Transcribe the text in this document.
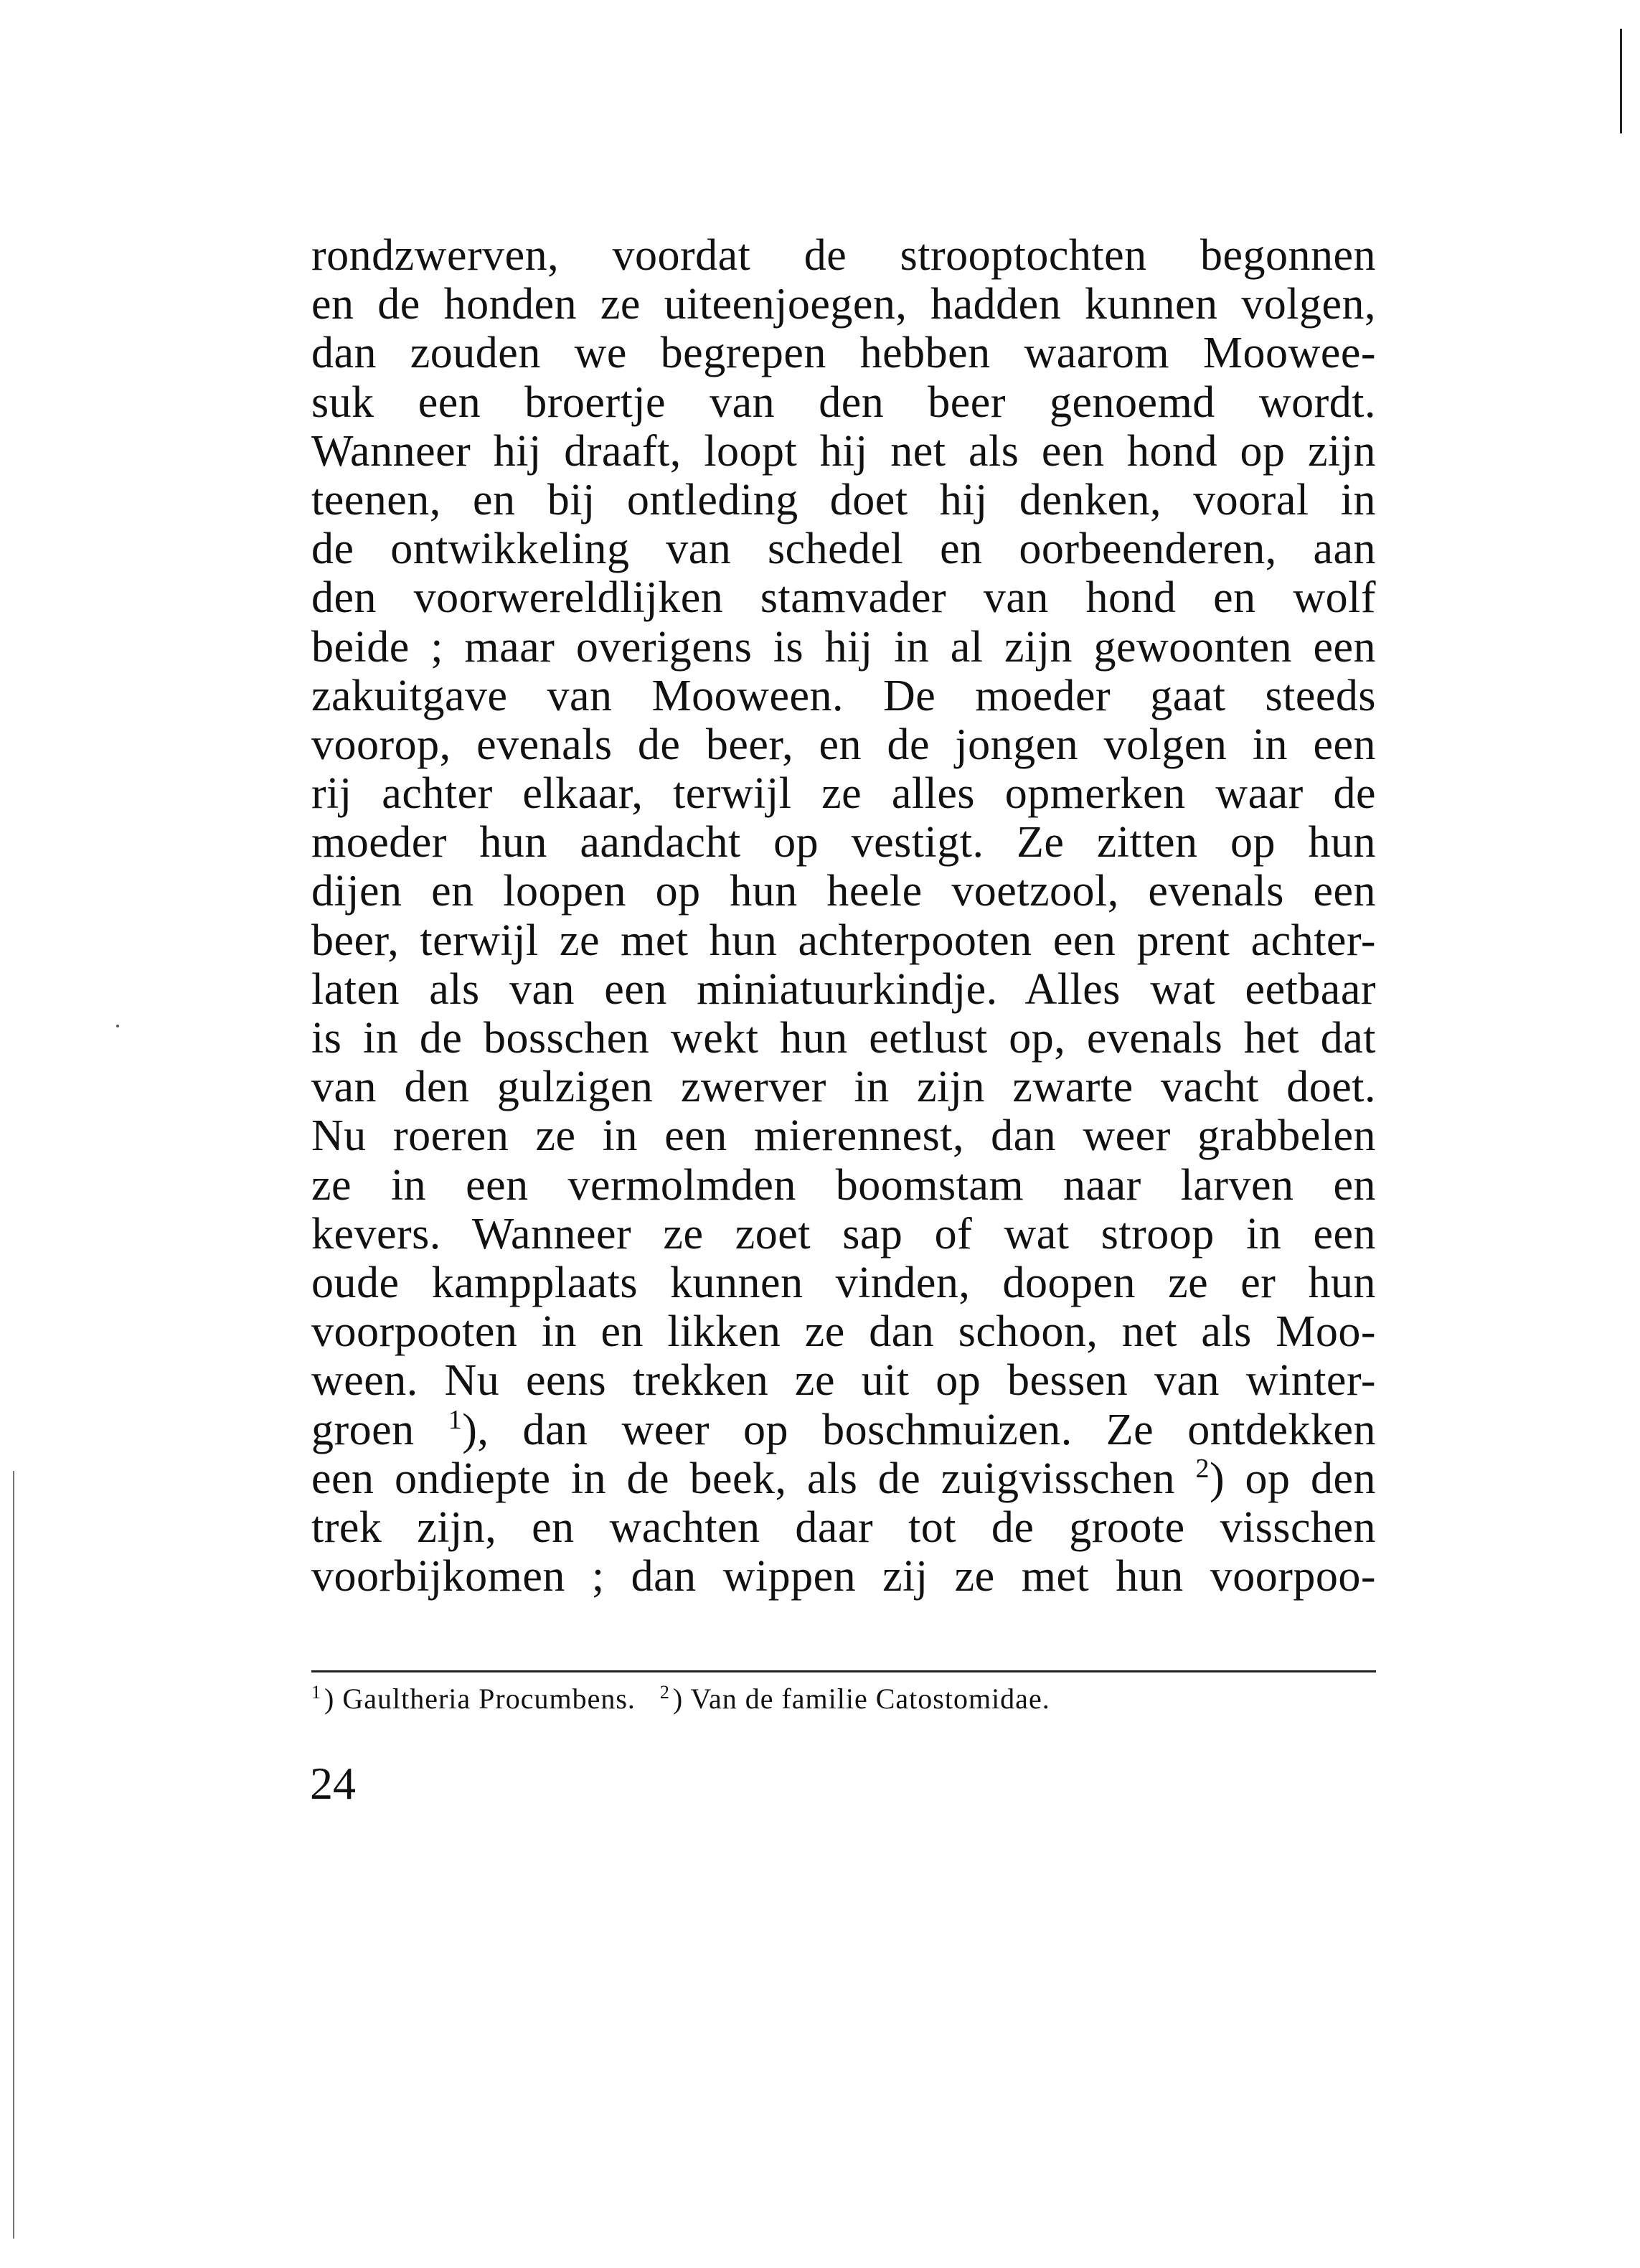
rondzwerven, voordat de strooptochten begonnen
en de honden ze uiteenjoegen, hadden kunnen volgen,
dan zouden we begrepen hebben waarom Moowee-
suk een broertje van den beer genoemd wordt.
Wanneer hij draaft, loopt hij net als een hond op zijn
teenen, en bij ontleding doet hij denken, vooral in
de ontwikkeling van schedel en oorbeenderen, aan
den voorwereldlijken stamvader van hond en wolf
beide ; maar overigens is hij in al zijn gewoonten een
zakuitgave van Mooween. De moeder gaat steeds
voorop, evenals de beer, en de jongen volgen in een
rij achter elkaar, terwijl ze alles opmerken waar de
moeder hun aandacht op vestigt. Ze zitten op hun
dijen en loopen op hun heele voetzool, evenals een
beer, terwijl ze met hun achterpooten een prent achter-
laten als van een miniatuurkindje. Alles wat eetbaar
is in de bosschen wekt hun eetlust op, evenals het dat
van den gulzigen zwerver in zijn zwarte vacht doet.
Nu roeren ze in een mierennest, dan weer grabbelen
ze in een vermolmden boomstam naar larven en
kevers. Wanneer ze zoet sap of wat stroop in een
oude kampplaats kunnen vinden, doopen ze er hun
voorpooten in en likken ze dan schoon, net als Moo-
ween. Nu eens trekken ze uit op bessen van winter-
groen $^1$), dan weer op boschmuizen. Ze ontdekken
een ondiepte in de beek, als de zuigvisschen $^2$) op den
trek zijn, en wachten daar tot de groote visschen
voorbijkomen ; dan wippen zij ze met hun voorpoo-
$^1$ ) Gaultheria Procumbens. $^2$ ) Van de familie Catostomidae.
24
